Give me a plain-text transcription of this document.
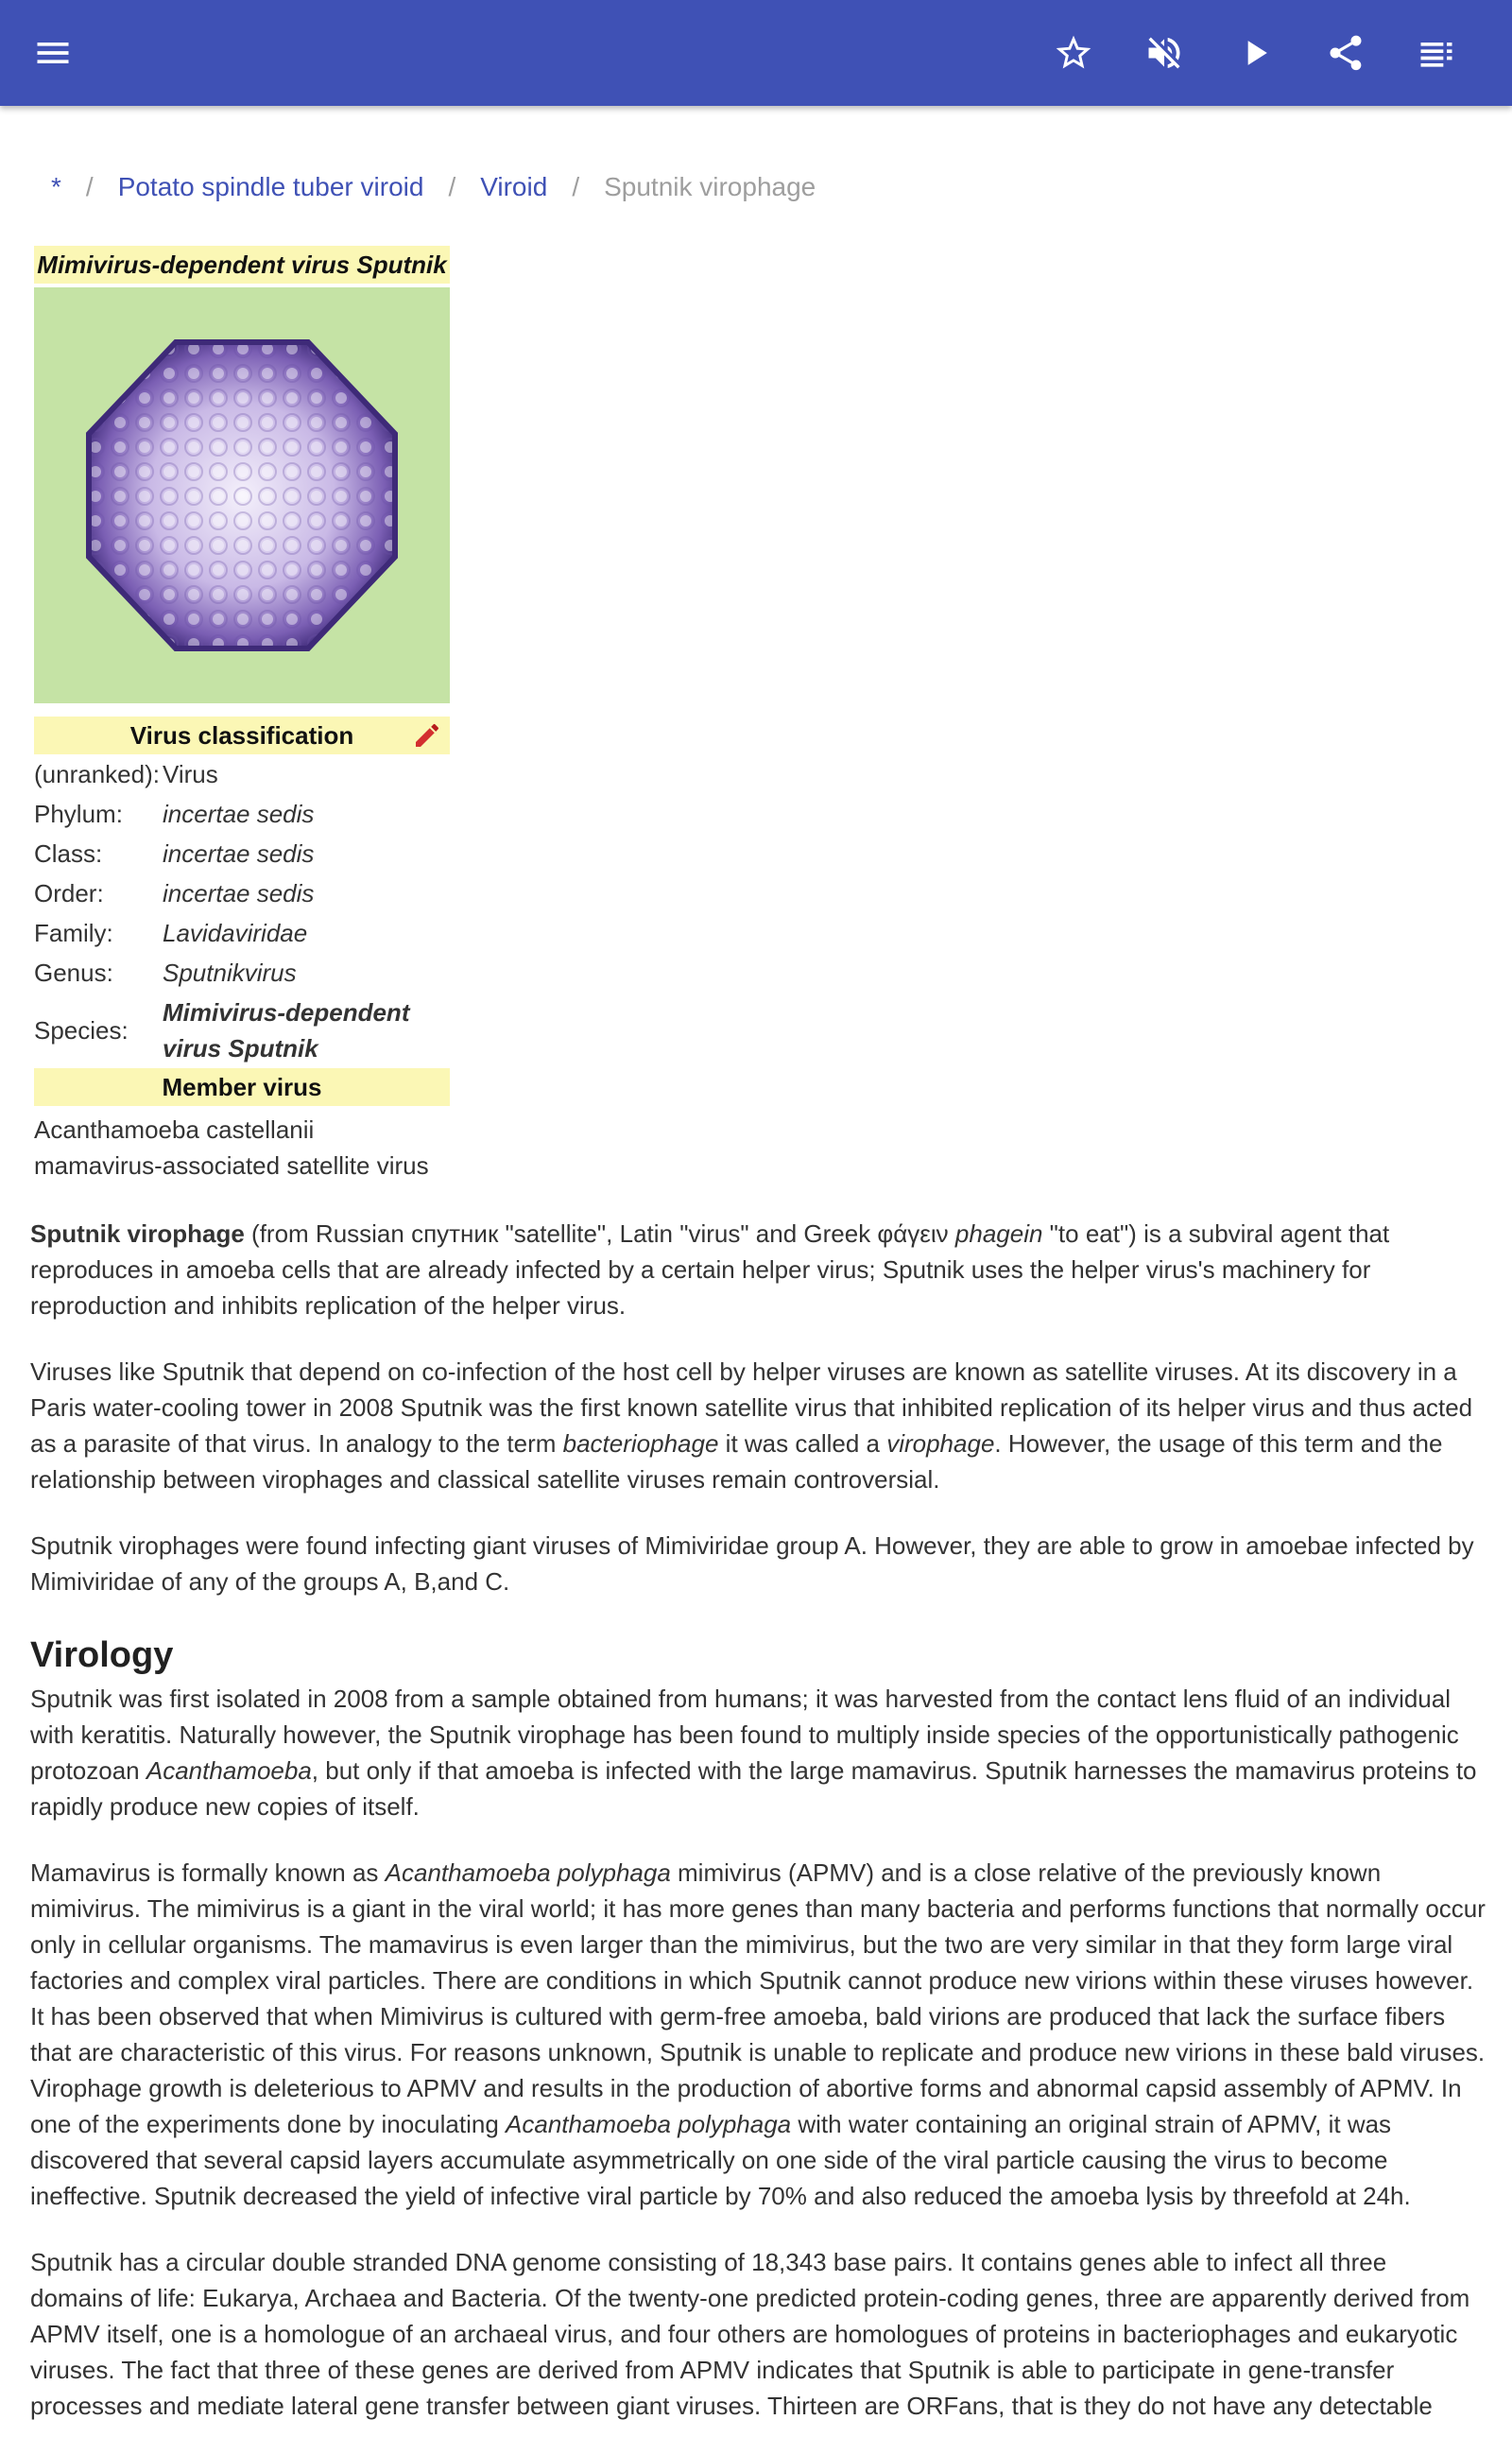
* / Potato spindle tuber viroid / Viroid / Sputnik virophage
Mimivirus-dependent virus Sputnik
Virus classification
(unranked): Virus
Phylum:	incertae sedis
Class:	incertae sedis
Order:	incertae sedis
Family:	Lavidaviridae
Genus:	Sputnikvirus
Species:
Mimivirus-dependent
virus Sputnik
Member virus
Acanthamoeba castellanii
mamavirus-associated satellite virus

Sputnik virophage (from Russian спутник "satellite", Latin "virus" and Greek φάγειν phagein "to eat") is a subviral agent that reproduces in amoeba cells that are already infected by a certain helper virus; Sputnik uses the helper virus's machinery for reproduction and inhibits replication of the helper virus.

Viruses like Sputnik that depend on co-infection of the host cell by helper viruses are known as satellite viruses. At its discovery in a Paris water-cooling tower in 2008 Sputnik was the first known satellite virus that inhibited replication of its helper virus and thus acted as a parasite of that virus. In analogy to the term bacteriophage it was called a virophage. However, the usage of this term and the relationship between virophages and classical satellite viruses remain controversial.

Sputnik virophages were found infecting giant viruses of Mimiviridae group A. However, they are able to grow in amoebae infected by Mimiviridae of any of the groups A, B,and C.

Virology

Sputnik was first isolated in 2008 from a sample obtained from humans; it was harvested from the contact lens fluid of an individual with keratitis. Naturally however, the Sputnik virophage has been found to multiply inside species of the opportunistically pathogenic protozoan Acanthamoeba, but only if that amoeba is infected with the large mamavirus. Sputnik harnesses the mamavirus proteins to rapidly produce new copies of itself.

Mamavirus is formally known as Acanthamoeba polyphaga mimivirus (APMV) and is a close relative of the previously known mimivirus. The mimivirus is a giant in the viral world; it has more genes than many bacteria and performs functions that normally occur only in cellular organisms. The mamavirus is even larger than the mimivirus, but the two are very similar in that they form large viral factories and complex viral particles. There are conditions in which Sputnik cannot produce new virions within these viruses however. It has been observed that when Mimivirus is cultured with germ-free amoeba, bald virions are produced that lack the surface fibers that are characteristic of this virus. For reasons unknown, Sputnik is unable to replicate and produce new virions in these bald viruses. Virophage growth is deleterious to APMV and results in the production of abortive forms and abnormal capsid assembly of APMV. In one of the experiments done by inoculating Acanthamoeba polyphaga with water containing an original strain of APMV, it was discovered that several capsid layers accumulate asymmetrically on one side of the viral particle causing the virus to become ineffective. Sputnik decreased the yield of infective viral particle by 70% and also reduced the amoeba lysis by threefold at 24h.

Sputnik has a circular double stranded DNA genome consisting of 18,343 base pairs. It contains genes able to infect all three domains of life: Eukarya, Archaea and Bacteria. Of the twenty-one predicted protein-coding genes, three are apparently derived from APMV itself, one is a homologue of an archaeal virus, and four others are homologues of proteins in bacteriophages and eukaryotic viruses. The fact that three of these genes are derived from APMV indicates that Sputnik is able to participate in gene-transfer processes and mediate lateral gene transfer between giant viruses. Thirteen are ORFans, that is they do not have any detectable
